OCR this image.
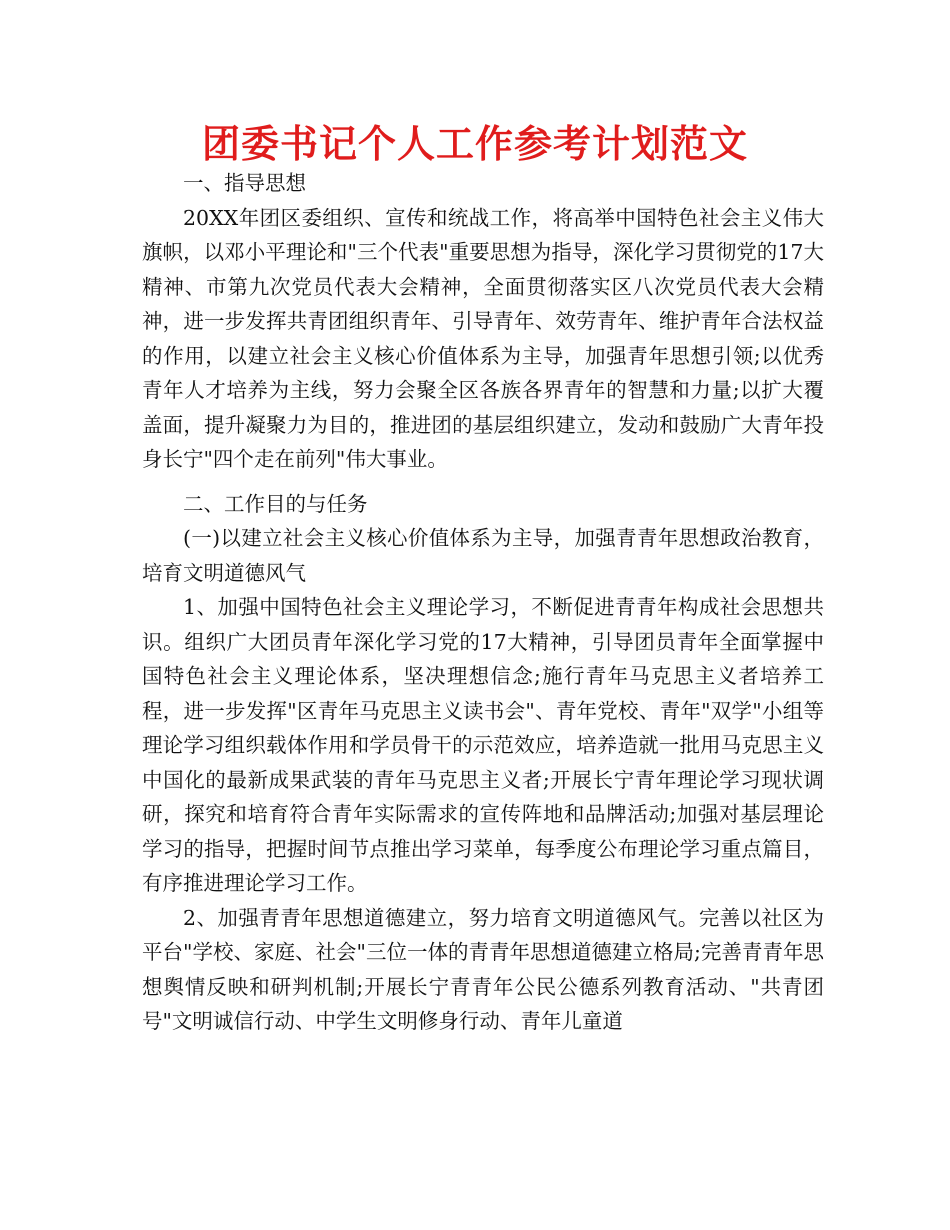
团委书记个人工作参考计划范文

一、指导思想

20XX年团区委组织、宣传和统战工作，将高举中国特色社会主义伟大旗帜，以邓小平理论和"三个代表"重要思想为指导，深化学习贯彻党的17大精神、市第九次党员代表大会精神，全面贯彻落实区八次党员代表大会精神，进一步发挥共青团组织青年、引导青年、效劳青年、维护青年合法权益的作用，以建立社会主义核心价值体系为主导，加强青年思想引领;以优秀青年人才培养为主线，努力会聚全区各族各界青年的智慧和力量;以扩大覆盖面，提升凝聚力为目的，推进团的基层组织建立，发动和鼓励广大青年投身长宁"四个走在前列"伟大事业。

二、工作目的与任务

(一)以建立社会主义核心价值体系为主导，加强青青年思想政治教育，培育文明道德风气

1、加强中国特色社会主义理论学习，不断促进青青年构成社会思想共识。组织广大团员青年深化学习党的17大精神，引导团员青年全面掌握中国特色社会主义理论体系，坚决理想信念;施行青年马克思主义者培养工程，进一步发挥"区青年马克思主义读书会"、青年党校、青年"双学"小组等理论学习组织载体作用和学员骨干的示范效应，培养造就一批用马克思主义中国化的最新成果武装的青年马克思主义者;开展长宁青年理论学习现状调研，探究和培育符合青年实际需求的宣传阵地和品牌活动;加强对基层理论学习的指导，把握时间节点推出学习菜单，每季度公布理论学习重点篇目，有序推进理论学习工作。

2、加强青青年思想道德建立，努力培育文明道德风气。完善以社区为平台"学校、家庭、社会"三位一体的青青年思想道德建立格局;完善青青年思想舆情反映和研判机制;开展长宁青青年公民公德系列教育活动、"共青团号"文明诚信行动、中学生文明修身行动、青年儿童道
